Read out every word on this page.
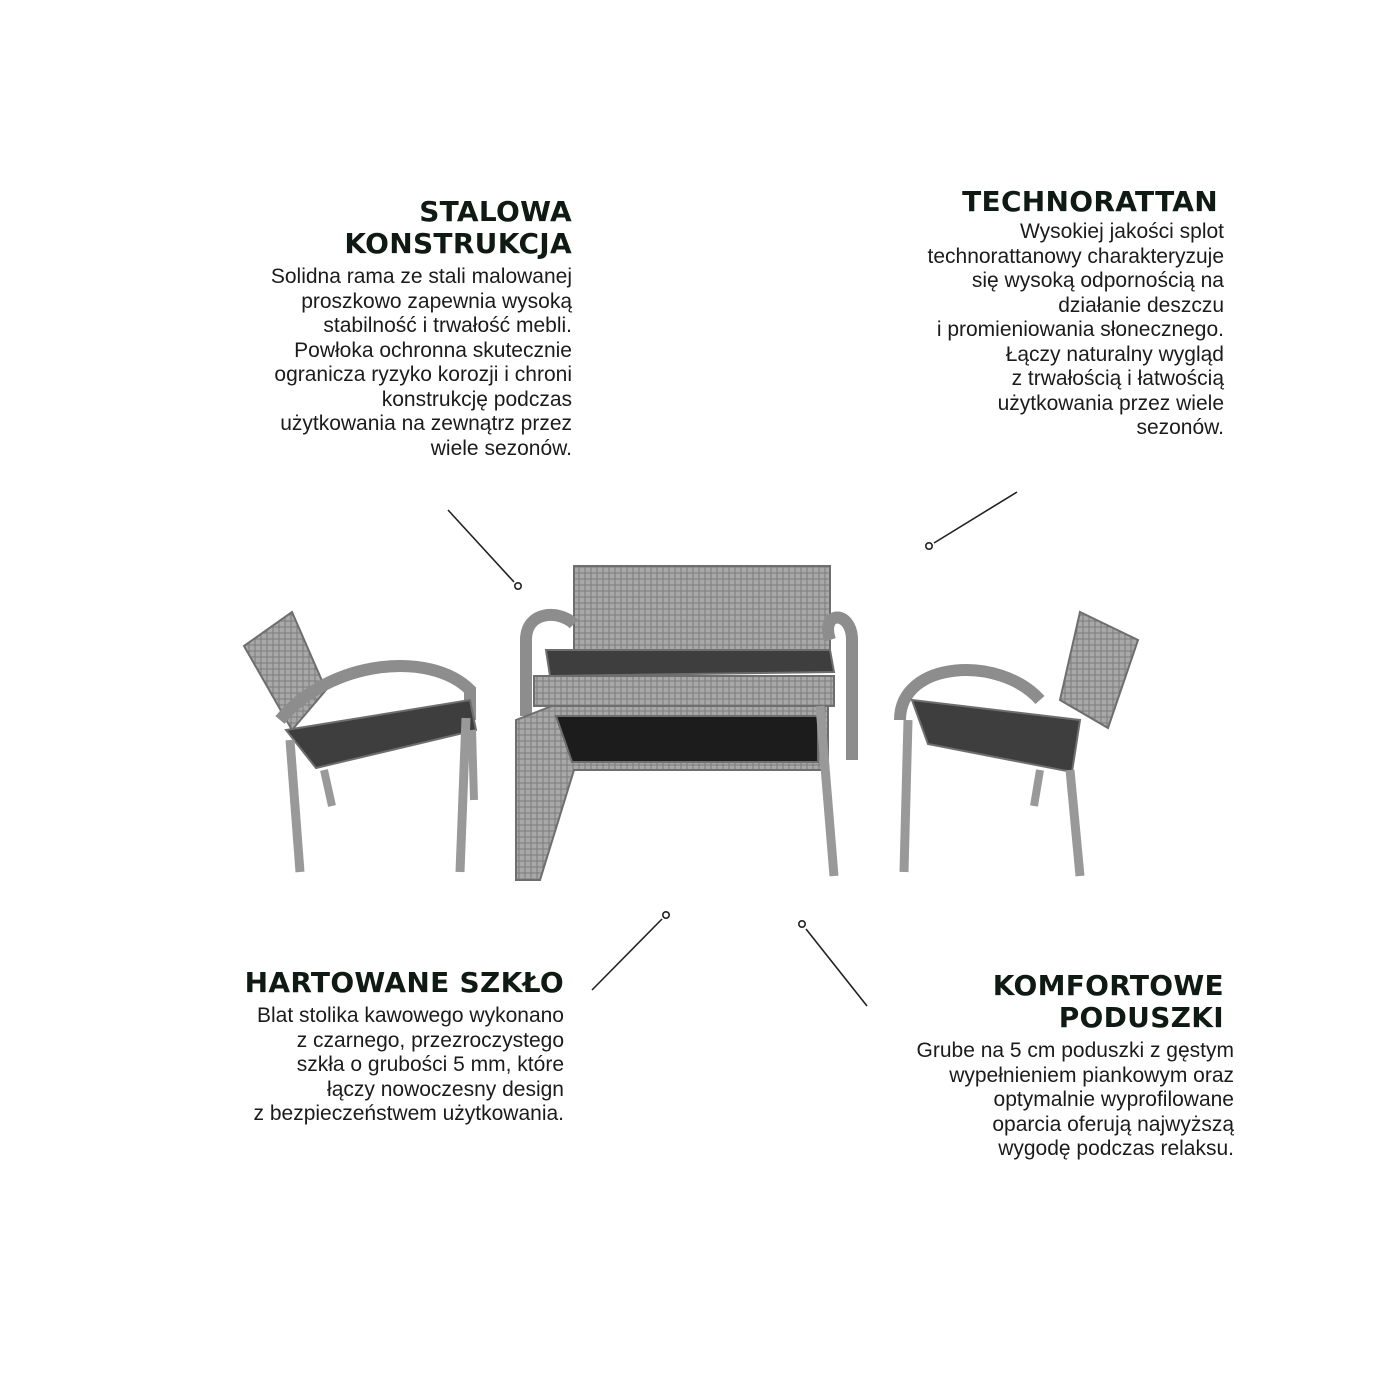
STALOWA
KONSTRUKCJA
Solidna rama ze stali malowanej
proszkowo zapewnia wysoką
stabilność i trwałość mebli.
Powłoka ochronna skutecznie
ogranicza ryzyko korozji i chroni
konstrukcję podczas
użytkowania na zewnątrz przez
wiele sezonów.
TECHNORATTAN
Wysokiej jakości splot
technorattanowy charakteryzuje
się wysoką odpornością na
działanie deszczu
i promieniowania słonecznego.
Łączy naturalny wygląd
z trwałością i łatwością
użytkowania przez wiele
sezonów.
HARTOWANE SZKŁO
Blat stolika kawowego wykonano
z czarnego, przezroczystego
szkła o grubości 5 mm, które
łączy nowoczesny design
z bezpieczeństwem użytkowania.
KOMFORTOWE
PODUSZKI
Grube na 5 cm poduszki z gęstym
wypełnieniem piankowym oraz
optymalnie wyprofilowane
oparcia oferują najwyższą
wygodę podczas relaksu.
